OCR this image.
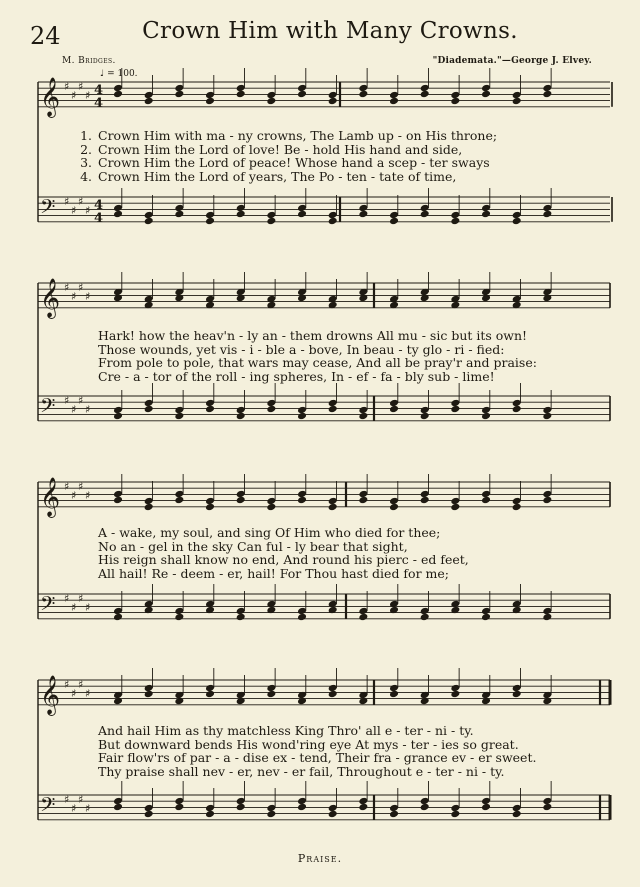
24	Crown Him with Many Crowns.
M. Bridges.	"Diademata."—George J. Elvey.
♩ = 100.
𝄞 ♯
♯
♯
♯ 4
4
𝄢 ♯
♯
♯
♯ 4
4
𝄞 ♯
♯
♯
♯
𝄢 ♯
♯
♯
♯
𝄞 ♯
♯
♯
♯
𝄢 ♯
♯
♯
♯
𝄞 ♯
♯
♯
♯
𝄢 ♯
♯
♯
♯
1. Crown Him with ma - ny crowns, The Lamb up - on His throne;
2. Crown Him the Lord of love! Be - hold His hand and side,
3. Crown Him the Lord of peace! Whose hand a scep - ter sways
4. Crown Him the Lord of years, The Po - ten - tate of time,
Hark! how the heav'n - ly an - them drowns All mu - sic but its own!
Those wounds, yet vis - i - ble a - bove, In beau - ty glo - ri - fied:
From pole to pole, that wars may cease, And all be pray'r and praise:
Cre - a - tor of the roll - ing spheres, In - ef - fa - bly sub - lime!
A - wake, my soul, and sing Of Him who died for thee;
No an - gel in the sky Can ful - ly bear that sight,
His reign shall know no end, And round his pierc - ed feet,
All hail! Re - deem - er, hail! For Thou hast died for me;
And hail Him as thy matchless King Thro' all e - ter - ni - ty.
But downward bends His wond'ring eye At mys - ter - ies so great.
Fair flow'rs of par - a - dise ex - tend, Their fra - grance ev - er sweet.
Thy praise shall nev - er, nev - er fail, Throughout e - ter - ni - ty.
Praise.
